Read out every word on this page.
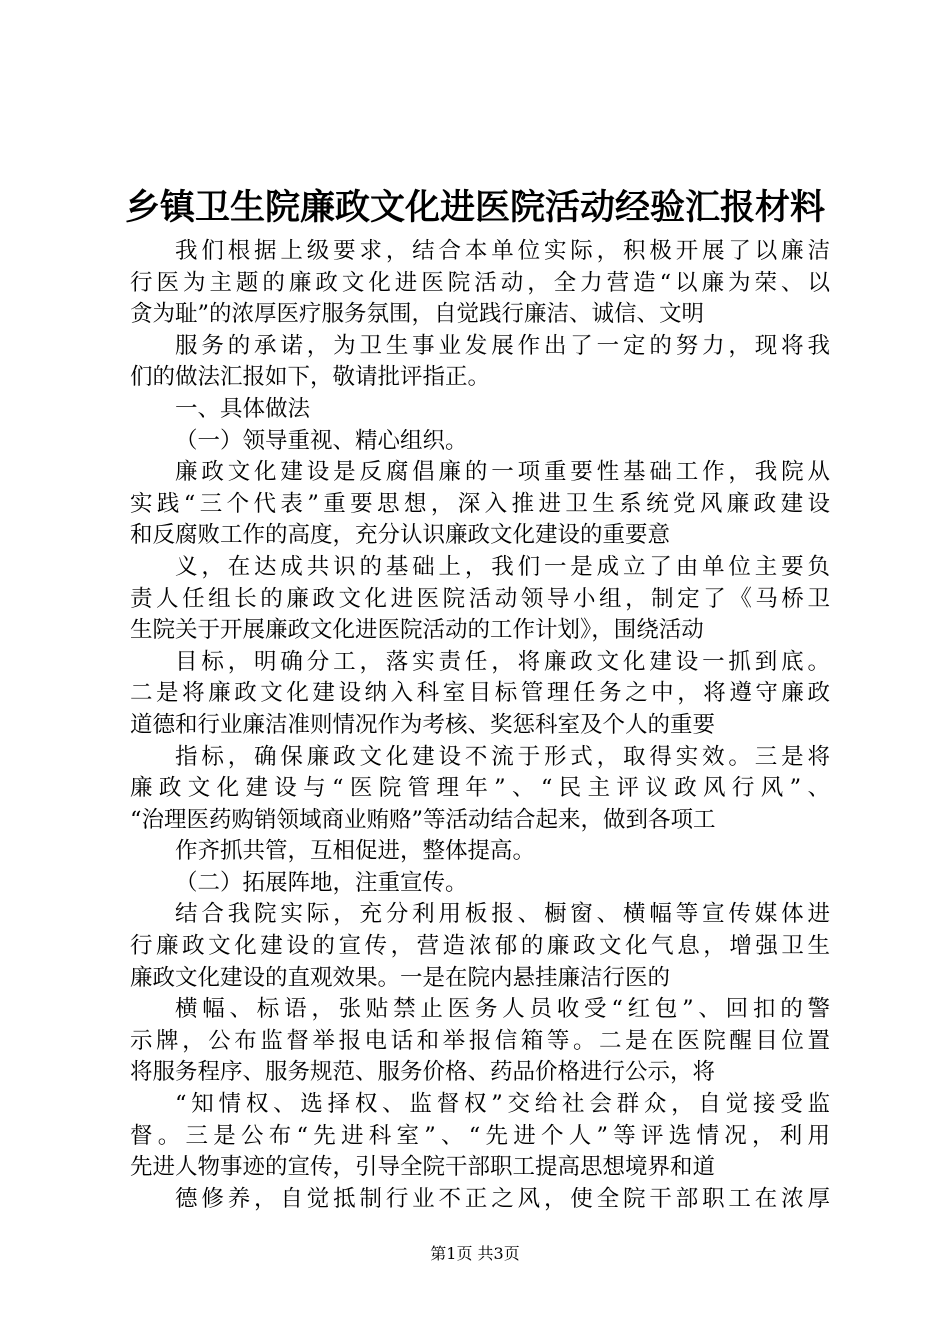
乡镇卫生院廉政文化进医院活动经验汇报材料
我们根据上级要求，结合本单位实际，积极开展了以廉洁
行医为主题的廉政文化进医院活动，全力营造“以廉为荣、以
贪为耻”的浓厚医疗服务氛围，自觉践行廉洁、诚信、文明
服务的承诺，为卫生事业发展作出了一定的努力，现将我
们的做法汇报如下，敬请批评指正。
一、具体做法
（一）领导重视、精心组织。
廉政文化建设是反腐倡廉的一项重要性基础工作，我院从
实践“三个代表”重要思想，深入推进卫生系统党风廉政建设
和反腐败工作的高度，充分认识廉政文化建设的重要意
义，在达成共识的基础上，我们一是成立了由单位主要负
责人任组长的廉政文化进医院活动领导小组，制定了《马桥卫
生院关于开展廉政文化进医院活动的工作计划》，围绕活动
目标，明确分工，落实责任，将廉政文化建设一抓到底。
二是将廉政文化建设纳入科室目标管理任务之中，将遵守廉政
道德和行业廉洁准则情况作为考核、奖惩科室及个人的重要
指标，确保廉政文化建设不流于形式，取得实效。三是将
廉政文化建设与“医院管理年”、“民主评议政风行风”、
“治理医药购销领域商业贿赂”等活动结合起来，做到各项工
作齐抓共管，互相促进，整体提高。
（二）拓展阵地，注重宣传。
结合我院实际，充分利用板报、橱窗、横幅等宣传媒体进
行廉政文化建设的宣传，营造浓郁的廉政文化气息，增强卫生
廉政文化建设的直观效果。一是在院内悬挂廉洁行医的
横幅、标语，张贴禁止医务人员收受“红包”、回扣的警
示牌，公布监督举报电话和举报信箱等。二是在医院醒目位置
将服务程序、服务规范、服务价格、药品价格进行公示，将
“知情权、选择权、监督权”交给社会群众，自觉接受监
督。三是公布“先进科室”、“先进个人”等评选情况，利用
先进人物事迹的宣传，引导全院干部职工提高思想境界和道
德修养，自觉抵制行业不正之风，使全院干部职工在浓厚
第1页 共3页
